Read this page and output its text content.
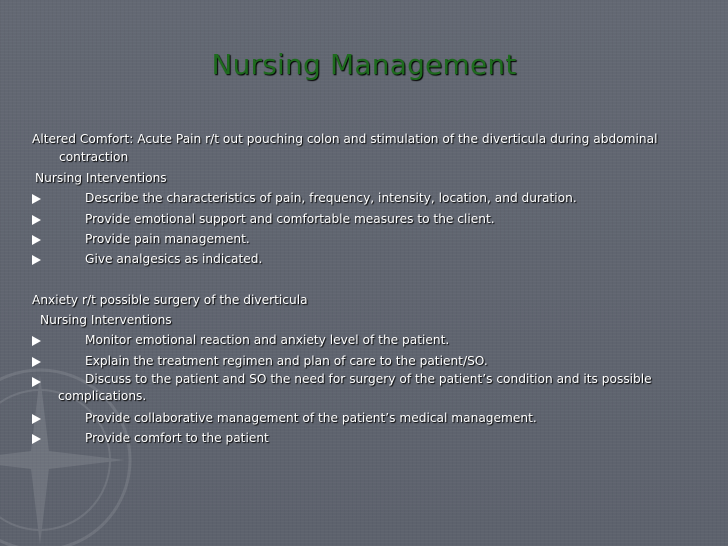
Nursing Management
Altered Comfort: Acute Pain r/t out pouching colon and stimulation of the diverticula during abdominal
contraction
Nursing Interventions
Describe the characteristics of pain, frequency, intensity, location, and duration.
Provide emotional support and comfortable measures to the client.
Provide pain management.
Give analgesics as indicated.
Anxiety r/t possible surgery of the diverticula
Nursing Interventions
Monitor emotional reaction and anxiety level of the patient.
Explain the treatment regimen and plan of care to the patient/SO.
Discuss to the patient and SO the need for surgery of the patient’s condition and its possible
complications.
Provide collaborative management of the patient’s medical management.
Provide comfort to the patient
